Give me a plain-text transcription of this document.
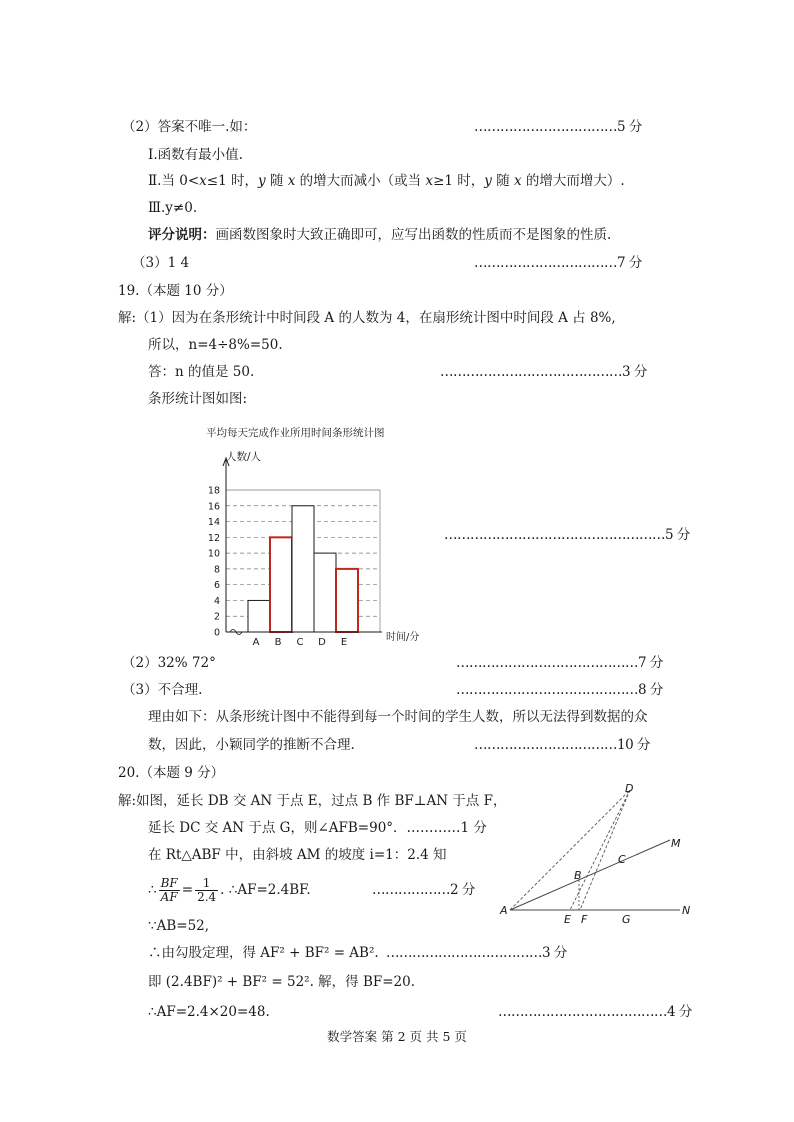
（2）答案不唯一.如：	……………………………5 分
Ⅰ.函数有最小值.
Ⅱ.当 0<x≤1 时，y 随 x 的增大而减小（或当 x≥1 时，y 随 x 的增大而增大）.
Ⅲ.y≠0.
评分说明：画函数图象时大致正确即可，应写出函数的性质而不是图象的性质.
（3）1 4	……………………………7 分
19.（本题 10 分）
解:（1）因为在条形统计中时间段 A 的人数为 4，在扇形统计图中时间段 A 占 8%,
所以，n=4÷8%=50.
答：n 的值是 50.	……………………………………3 分
条形统计图如图:
……………………………………………5 分
平均每天完成作业所用时间条形统计图
人数/人
时间/分
0
2
4
6
8
10
12
14
16
18
A B C D E
（2）32% 72°	……………………………………7 分
（3）不合理.	……………………………………8 分
理由如下：从条形统计图中不能得到每一个时间的学生人数，所以无法得到数据的众
数，因此，小颖同学的推断不合理.	……………………………10 分
20.（本题 9 分）
解:如图，延长 DB 交 AN 于点 E，过点 B 作 BF⊥AN 于点 F，
延长 DC 交 AN 于点 G，则∠AFB=90°．…………1 分
在 Rt△ABF 中，由斜坡 AM 的坡度 i=1：2.4 知
∴ $\frac{BF}{AF} = \frac{1}{2.4}$ . ∴AF=2.4BF.	………………2 分
∵AB=52,
∴由勾股定理，得 AF² + BF² = AB². ………………………………3 分
即 (2.4BF)² + BF² = 52². 解，得 BF=20.
∴AF=2.4×20=48.	…………………………………4 分
D
M
C
B
A
E F	G
N
数学答案 第 2 页 共 5 页
